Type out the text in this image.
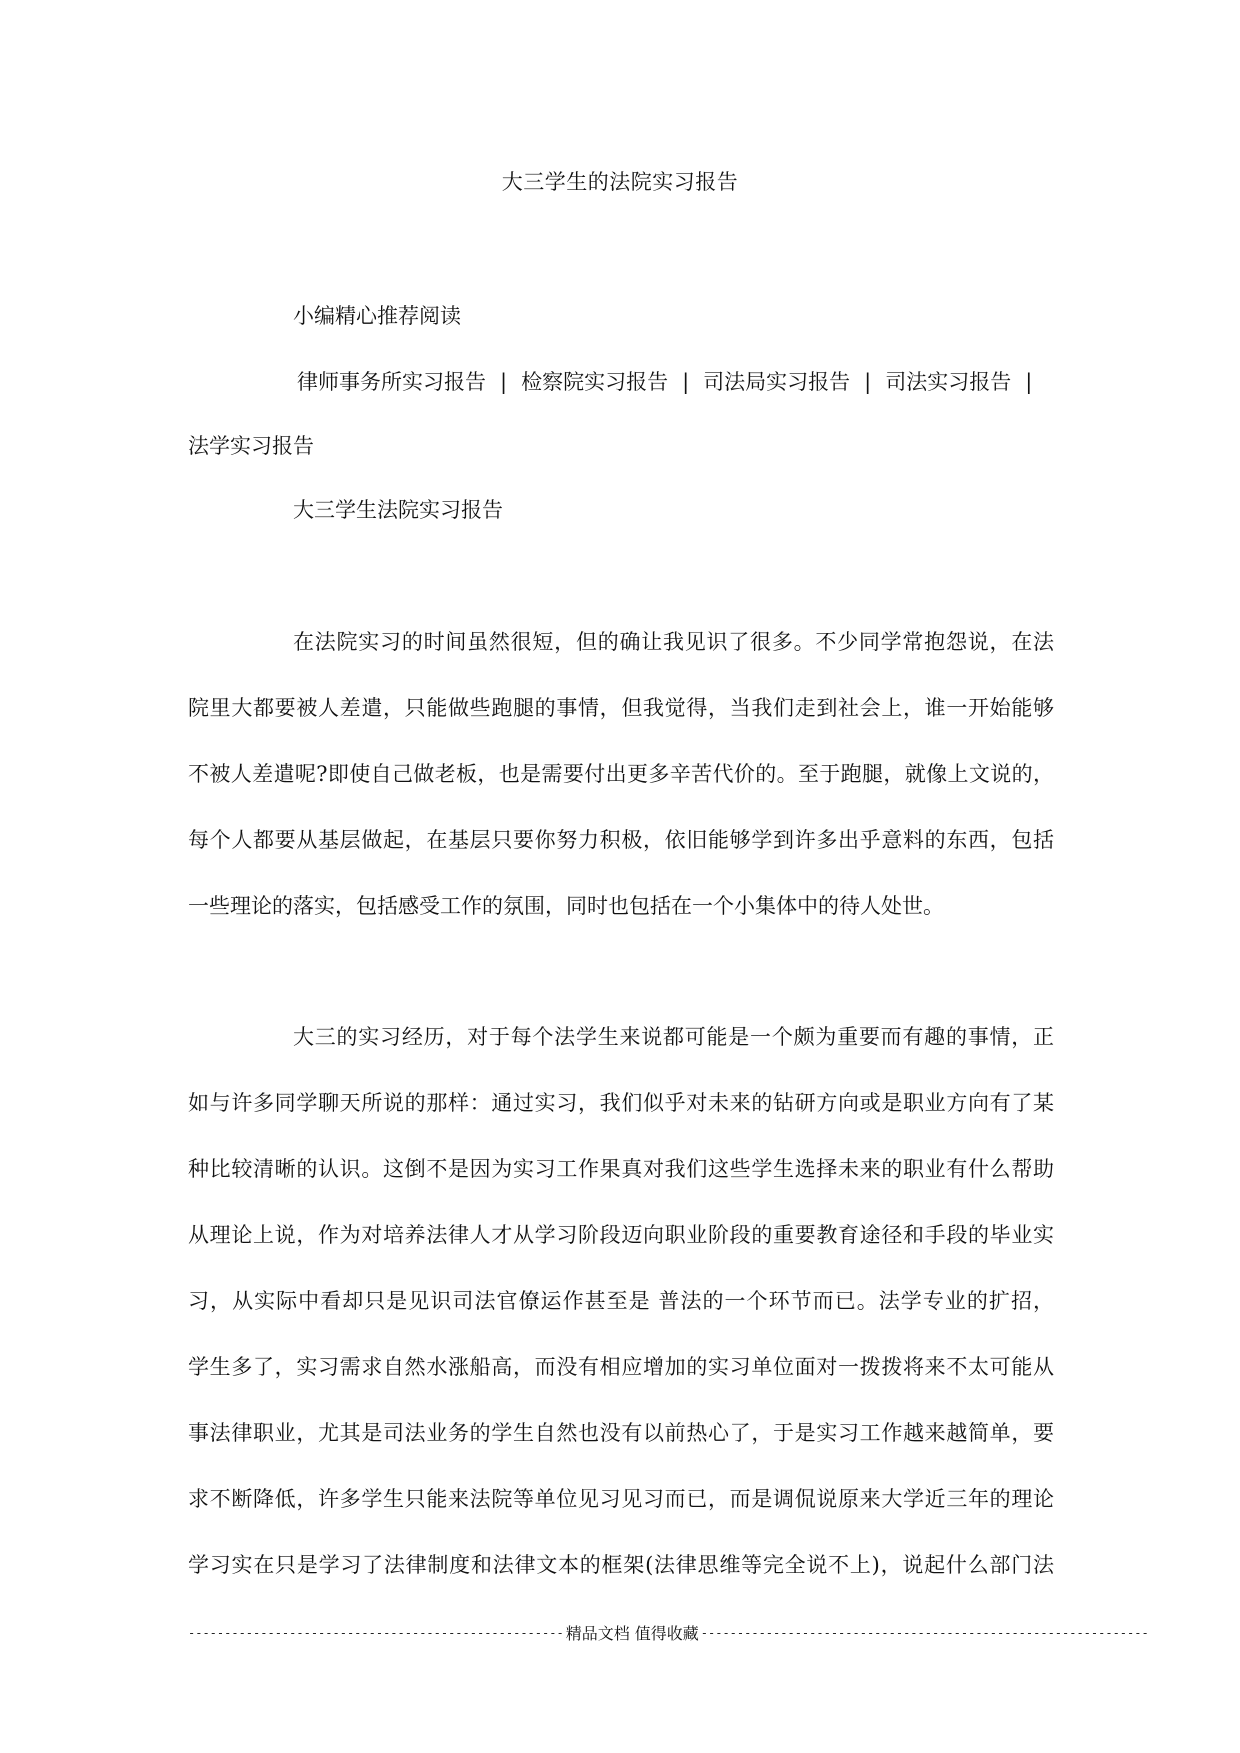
大三学生的法院实习报告
小编精心推荐阅读
律师事务所实习报告 | 检察院实习报告 | 司法局实习报告 | 司法实习报告 |
法学实习报告
大三学生法院实习报告
在法院实习的时间虽然很短，但的确让我见识了很多。不少同学常抱怨说，在法
院里大都要被人差遣，只能做些跑腿的事情，但我觉得，当我们走到社会上，谁一开始能够
不被人差遣呢?即使自己做老板，也是需要付出更多辛苦代价的。至于跑腿，就像上文说的，
每个人都要从基层做起，在基层只要你努力积极，依旧能够学到许多出乎意料的东西，包括
一些理论的落实，包括感受工作的氛围，同时也包括在一个小集体中的待人处世。
大三的实习经历，对于每个法学生来说都可能是一个颇为重要而有趣的事情，正
如与许多同学聊天所说的那样：通过实习，我们似乎对未来的钻研方向或是职业方向有了某
种比较清晰的认识。这倒不是因为实习工作果真对我们这些学生选择未来的职业有什么帮助
从理论上说，作为对培养法律人才从学习阶段迈向职业阶段的重要教育途径和手段的毕业实
习，从实际中看却只是见识司法官僚运作甚至是 普法的一个环节而已。法学专业的扩招，
学生多了，实习需求自然水涨船高，而没有相应增加的实习单位面对一拨拨将来不太可能从
事法律职业，尤其是司法业务的学生自然也没有以前热心了，于是实习工作越来越简单，要
求不断降低，许多学生只能来法院等单位见习见习而已，而是调侃说原来大学近三年的理论
学习实在只是学习了法律制度和法律文本的框架(法律思维等完全说不上)，说起什么部门法
---------------------------------------------------- 精品文档 值得收藏 --------------------------------------------------------------
